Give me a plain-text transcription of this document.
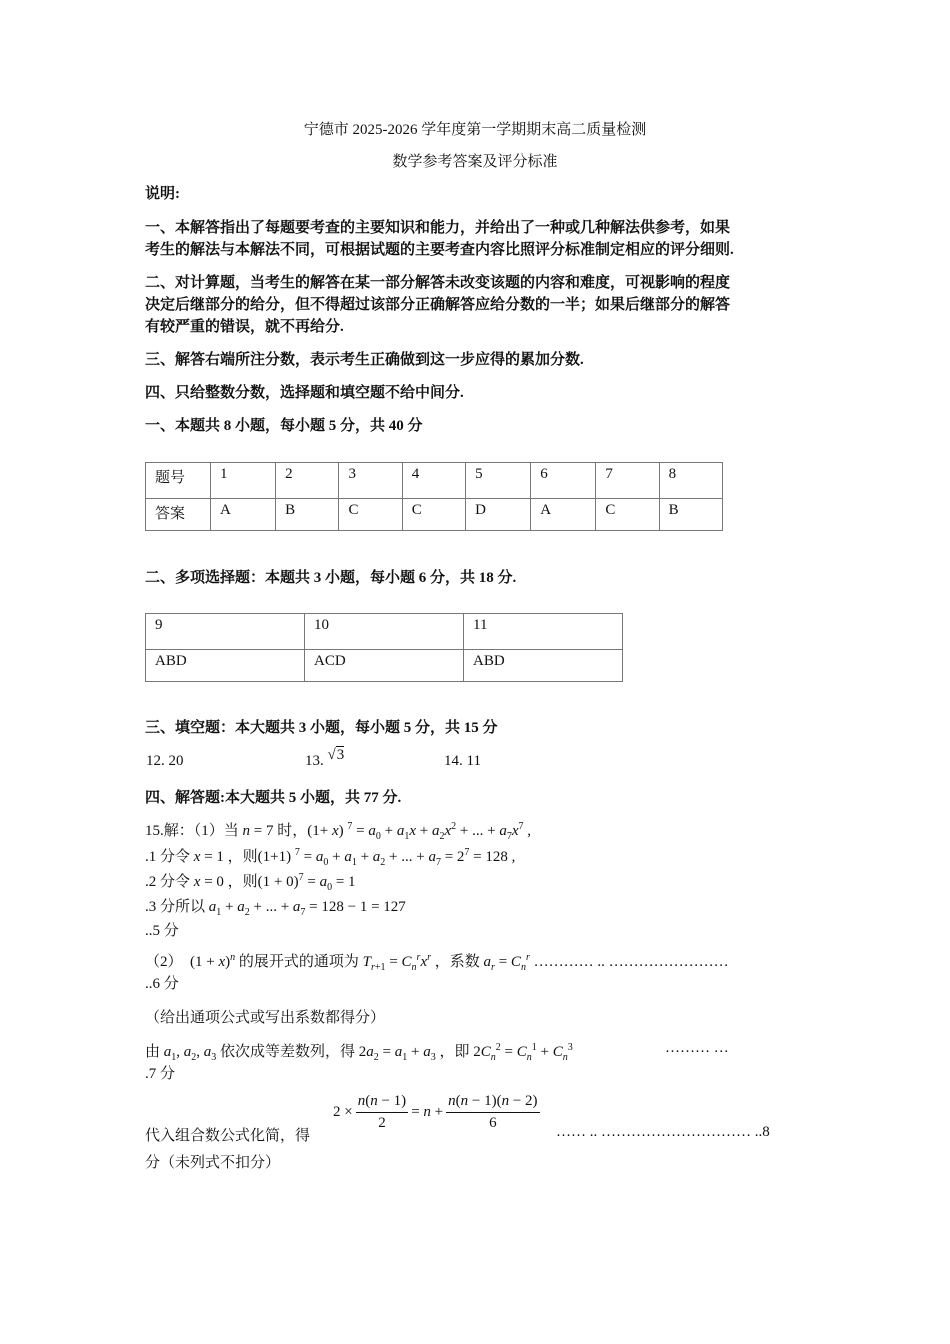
宁德市 2025-2026 学年度第一学期期末高二质量检测
数学参考答案及评分标准
说明:
一、本解答指出了每题要考查的主要知识和能力，并给出了一种或几种解法供参考，如果
考生的解法与本解法不同，可根据试题的主要考查内容比照评分标准制定相应的评分细则.
二、对计算题，当考生的解答在某一部分解答未改变该题的内容和难度，可视影响的程度
决定后继部分的给分，但不得超过该部分正确解答应给分数的一半；如果后继部分的解答
有较严重的错误，就不再给分.
三、解答右端所注分数，表示考生正确做到这一步应得的累加分数.
四、只给整数分数，选择题和填空题不给中间分.
一、本题共 8 小题，每小题 5 分，共 40 分
题号	1	2	3	4	5	6	7	8
答案	A	B	C	C	D	A	C	B
二、多项选择题：本题共 3 小题，每小题 6 分，共 18 分.
9	10	11
ABD	ACD	ABD
三、填空题：本大题共 3 小题，每小题 5 分，共 15 分
12. 20	13. √3	14. 11
四、解答题:本大题共 5 小题，共 77 分.
15.解：（1）当 n = 7 时，(1+ x) $^7 = a_0 + a_1x + a_2x^2$ + ... + $a_7x^7$ ,
.1 分令 x = 1 ，则(1+1) $^7 = a_0 + a_1 + a_2$ + ... + $a_7 = 2^7 = 128$ ,
.2 分令 x = 0 ，则$(1 + 0)^7 = a_0 = 1$
.3 分所以 $a_1 + a_2$ + ... + $a_7 = 128 - 1 = 127$
..5 分
（2）  $(1 + x)^n$ 的展开式的通项为 $T_{r+1} = C_n^rx^r$ ，系数 $a_r = C_n^r$ ………… .. ……………………
..6 分
（给出通项公式或写出系数都得分）
由 $a_1$, $a_2$, $a_3$ 依次成等差数列，得 $2a_2 = a_1 + a_3$ ，即 $2C_n^2 = C_n^1 + C_n^3$	……… …
.7 分
$2 \times \frac{n(n - 1)}{2} = n + \frac{n(n - 1)(n - 2)}{6}$
代入组合数公式化简，得	…… .. ………………………… ..8
分（未列式不扣分）
